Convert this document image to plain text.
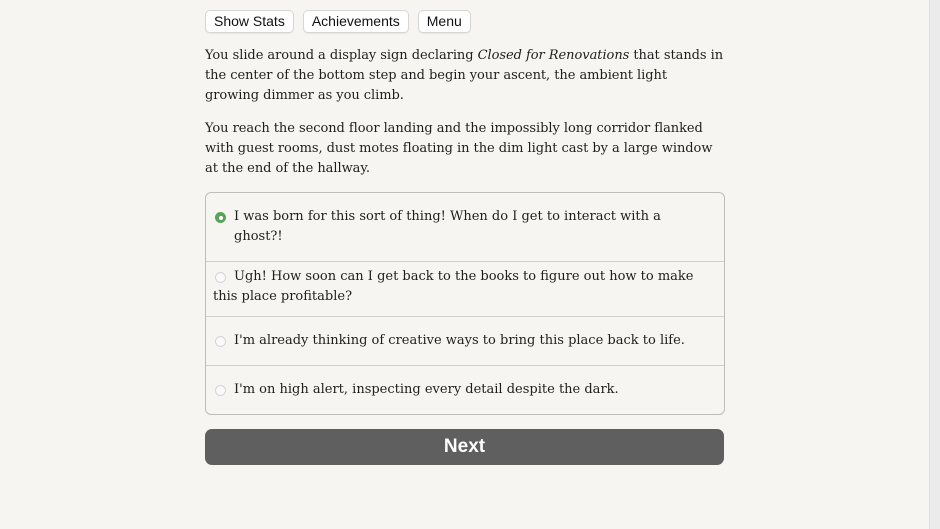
Show Stats	Achievements	Menu

You slide around a display sign declaring Closed for Renovations that stands in the center of the bottom step and begin your ascent, the ambient light growing dimmer as you climb.

You reach the second floor landing and the impossibly long corridor flanked with guest rooms, dust motes floating in the dim light cast by a large window at the end of the hallway.

I was born for this sort of thing! When do I get to interact with a ghost?!
Ugh! How soon can I get back to the books to figure out how to make this place profitable?
I'm already thinking of creative ways to bring this place back to life.
I'm on high alert, inspecting every detail despite the dark.
Next
